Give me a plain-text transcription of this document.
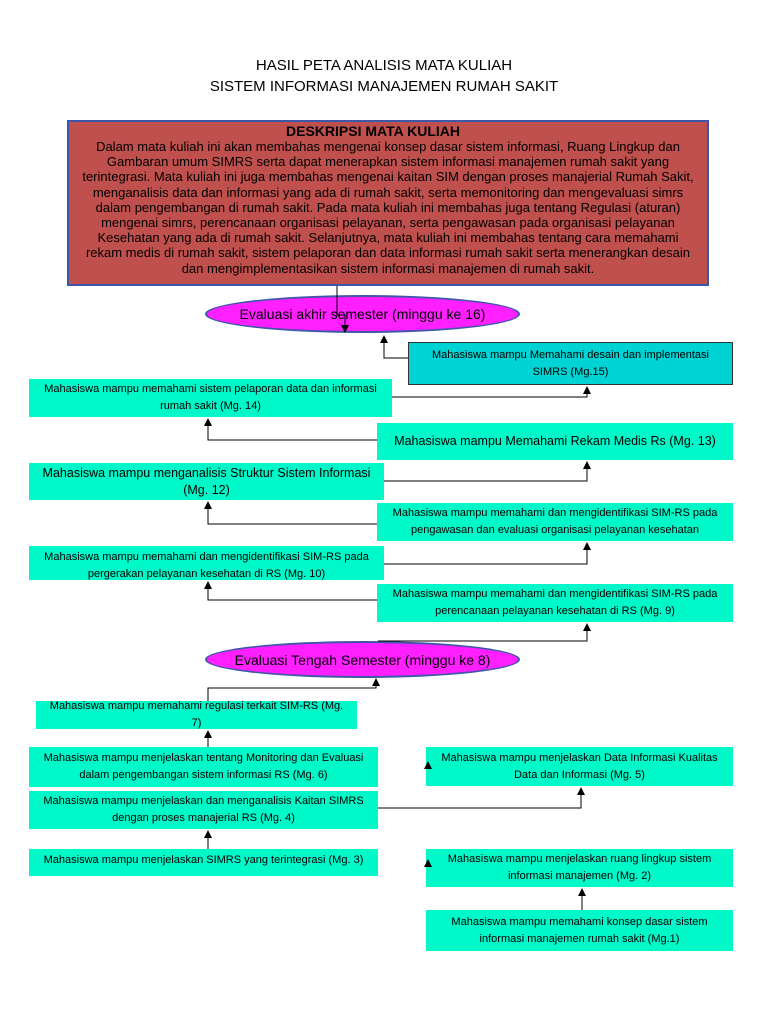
HASIL PETA ANALISIS MATA KULIAH
SISTEM INFORMASI MANAJEMEN RUMAH SAKIT
DESKRIPSI MATA KULIAH
Dalam mata kuliah ini akan membahas mengenai konsep dasar sistem informasi, Ruang Lingkup dan Gambaran umum SIMRS serta dapat menerapkan sistem informasi manajemen rumah sakit yang terintegrasi. Mata kuliah ini juga membahas mengenai kaitan SIM dengan proses manajerial Rumah Sakit, menganalisis data dan informasi yang ada di rumah sakit, serta memonitoring dan mengevaluasi simrs dalam pengembangan di rumah sakit. Pada mata kuliah ini membahas juga tentang Regulasi (aturan) mengenai simrs, perencanaan organisasi pelayanan, serta pengawasan pada organisasi pelayanan Kesehatan yang ada di rumah sakit. Selanjutnya, mata kuliah ini membahas tentang cara memahami rekam medis di rumah sakit, sistem pelaporan dan data informasi rumah sakit serta menerangkan desain dan mengimplementasikan sistem informasi manajemen di rumah sakit.
Evaluasi akhir semester (minggu ke 16)
Mahasiswa mampu Memahami desain dan implementasi SIMRS (Mg.15)
Mahasiswa mampu memahami sistem pelaporan data dan informasi rumah sakit (Mg. 14)
Mahasiswa mampu Memahami Rekam Medis Rs (Mg. 13)
Mahasiswa mampu menganalisis Struktur Sistem Informasi (Mg. 12)
Mahasiswa mampu memahami dan mengidentifikasi SIM-RS pada pengawasan dan evaluasi organisasi pelayanan kesehatan
Mahasiswa mampu memahami dan mengidentifikasi SIM-RS pada pergerakan pelayanan kesehatan di RS (Mg. 10)
Mahasiswa mampu memahami dan mengidentifikasi SIM-RS pada perencanaan pelayanan kesehatan di RS (Mg. 9)
Evaluasi Tengah Semester (minggu ke 8)
Mahasiswa mampu memahami regulasi terkait SIM-RS (Mg. 7)
Mahasiswa mampu menjelaskan tentang Monitoring dan Evaluasi dalam pengembangan sistem informasi RS (Mg. 6)
Mahasiswa mampu menjelaskan Data Informasi Kualitas Data dan Informasi (Mg. 5)
Mahasiswa mampu menjelaskan dan menganalisis Kaitan SIMRS dengan proses manajerial RS (Mg. 4)
Mahasiswa mampu menjelaskan SIMRS yang terintegrasi (Mg. 3)	Mahasiswa mampu menjelaskan ruang lingkup sistem informasi manajemen (Mg. 2)
Mahasiswa mampu memahami konsep dasar sistem informasi manajemen rumah sakit (Mg.1)
